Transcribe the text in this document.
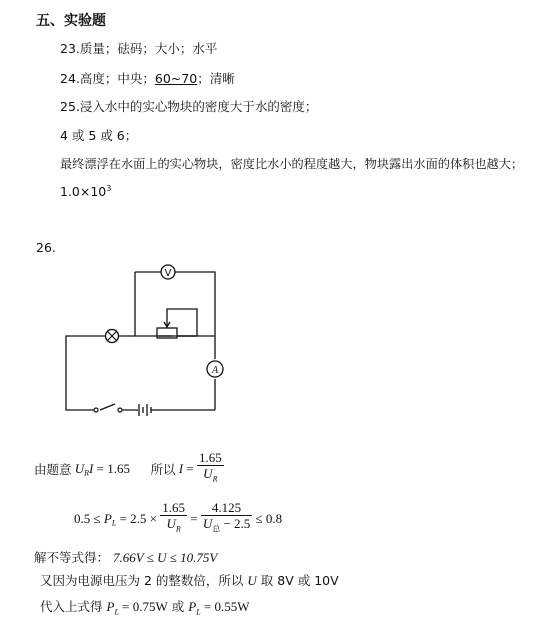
五、实验题
23.质量；砝码；大小；水平
24.高度；中央；60~70；清晰
25.浸入水中的实心物块的密度大于水的密度；
4 或 5 或 6；
最终漂浮在水面上的实心物块，密度比水小的程度越大，物块露出水面的体积也越大；
$1.0\times 10^3$
26.
V
A
由题意 $U_RI = 1.65$ 所以 $I = \frac{1.65}{U_R}$
$0.5 \le P_L = 2.5 \times \frac{1.65}{U_R} = \frac{4.125}{U_总 - 2.5} \le 0.8$
解不等式得： 7.66V ≤ U ≤ 10.75V
又因为电源电压为 2 的整数倍，所以 U 取 8V 或 10V
代入上式得 $P_L = 0.75W$ 或 $P_L = 0.55W$
